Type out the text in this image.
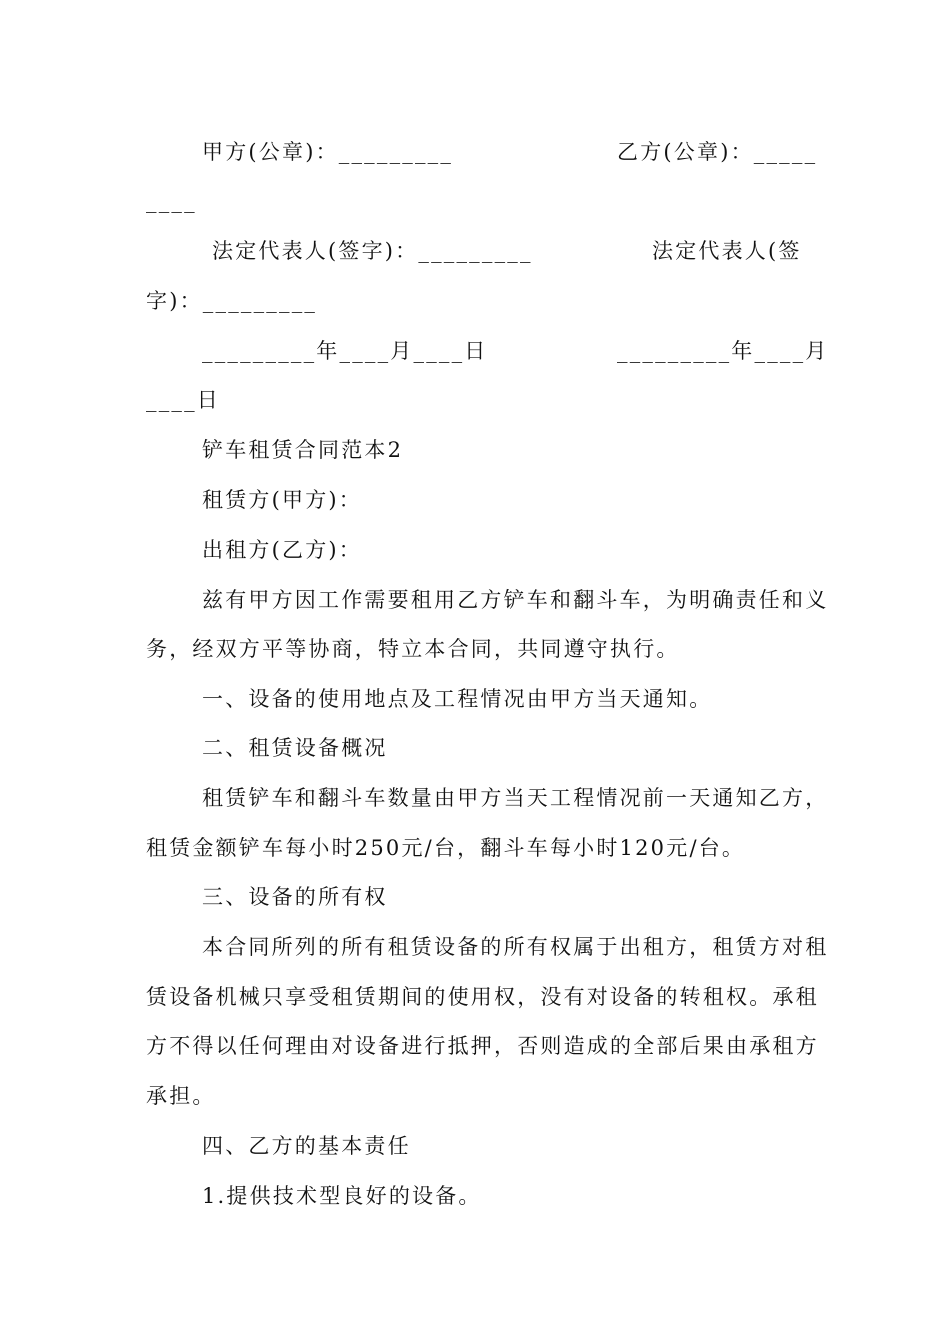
甲方(公章)：_________	乙方(公章)：_____
____
法定代表人(签字)：_________	法定代表人(签
字)：_________
_________年____月____日	_________年____月
____日
铲车租赁合同范本2
租赁方(甲方)：
出租方(乙方)：
兹有甲方因工作需要租用乙方铲车和翻斗车，为明确责任和义
务，经双方平等协商，特立本合同，共同遵守执行。
一、设备的使用地点及工程情况由甲方当天通知。
二、租赁设备概况
租赁铲车和翻斗车数量由甲方当天工程情况前一天通知乙方，
租赁金额铲车每小时250元/台，翻斗车每小时120元/台。
三、设备的所有权
本合同所列的所有租赁设备的所有权属于出租方，租赁方对租
赁设备机械只享受租赁期间的使用权，没有对设备的转租权。承租
方不得以任何理由对设备进行抵押，否则造成的全部后果由承租方
承担。
四、乙方的基本责任
1.提供技术型良好的设备。
